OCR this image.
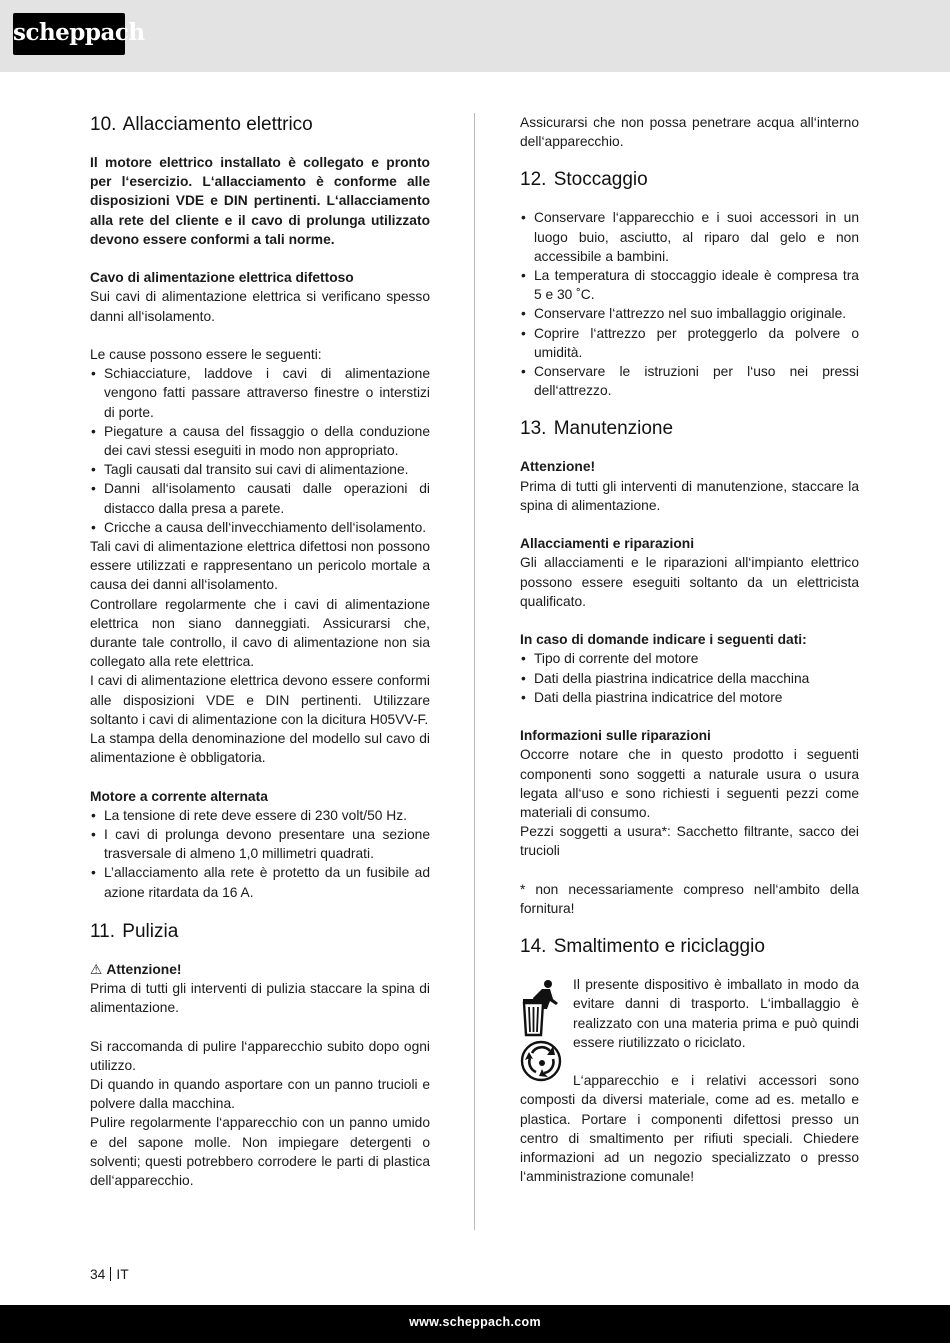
scheppach
10. Allacciamento elettrico

Il motore elettrico installato è collegato e pronto per l‘esercizio. L‘allacciamento è conforme alle disposizioni VDE e DIN pertinenti. L‘allacciamento alla rete del cliente e il cavo di prolunga utilizzato devono essere conformi a tali norme.

Cavo di alimentazione elettrica difettoso

Sui cavi di alimentazione elettrica si verificano spesso danni all‘isolamento.

Le cause possono essere le seguenti:

• Schiacciature, laddove i cavi di alimentazione vengono fatti passare attraverso finestre o interstizi di porte.
• Piegature a causa del fissaggio o della conduzione dei cavi stessi eseguiti in modo non appropriato.
• Tagli causati dal transito sui cavi di alimentazione.
• Danni all‘isolamento causati dalle operazioni di distacco dalla presa a parete.
• Cricche a causa dell‘invecchiamento dell‘isolamento.

Tali cavi di alimentazione elettrica difettosi non possono essere utilizzati e rappresentano un pericolo mortale a causa dei danni all‘isolamento.

Controllare regolarmente che i cavi di alimentazione elettrica non siano danneggiati. Assicurarsi che, durante tale controllo, il cavo di alimentazione non sia collegato alla rete elettrica.

I cavi di alimentazione elettrica devono essere conformi alle disposizioni VDE e DIN pertinenti. Utilizzare soltanto i cavi di alimentazione con la dicitura H05VV-F.

La stampa della denominazione del modello sul cavo di alimentazione è obbligatoria.

Motore a corrente alternata

• La tensione di rete deve essere di 230 volt/50 Hz.
• I cavi di prolunga devono presentare una sezione trasversale di almeno 1,0 millimetri quadrati.
• L’allacciamento alla rete è protetto da un fusibile ad azione ritardata da 16 A.
11. Pulizia

⚠ Attenzione!

Prima di tutti gli interventi di pulizia staccare la spina di alimentazione.

Si raccomanda di pulire l‘apparecchio subito dopo ogni utilizzo.

Di quando in quando asportare con un panno trucioli e polvere dalla macchina.

Pulire regolarmente l‘apparecchio con un panno umido e del sapone molle. Non impiegare detergenti o solventi; questi potrebbero corrodere le parti di plastica dell‘apparecchio.

Assicurarsi che non possa penetrare acqua all‘interno dell‘apparecchio.

12. Stoccaggio
• Conservare l‘apparecchio e i suoi accessori in un luogo buio, asciutto, al riparo dal gelo e non accessibile a bambini.
• La temperatura di stoccaggio ideale è compresa tra 5 e 30 ˚C.
• Conservare l‘attrezzo nel suo imballaggio originale.
• Coprire l‘attrezzo per proteggerlo da polvere o umidità.
• Conservare le istruzioni per l‘uso nei pressi dell‘attrezzo.
13. Manutenzione

Attenzione!

Prima di tutti gli interventi di manutenzione, staccare la spina di alimentazione.

Allacciamenti e riparazioni

Gli allacciamenti e le riparazioni all‘impianto elettrico possono essere eseguiti soltanto da un elettricista qualificato.

In caso di domande indicare i seguenti dati:

• Tipo di corrente del motore
• Dati della piastrina indicatrice della macchina
• Dati della piastrina indicatrice del motore

Informazioni sulle riparazioni

Occorre notare che in questo prodotto i seguenti componenti sono soggetti a naturale usura o usura legata all‘uso e sono richiesti i seguenti pezzi come materiali di consumo.

Pezzi soggetti a usura*: Sacchetto filtrante, sacco dei trucioli

* non necessariamente compreso nell‘ambito della fornitura!

14. Smaltimento e riciclaggio

Il presente dispositivo è imballato in modo da evitare danni di trasporto. L‘imballaggio è realizzato con una materia prima e può quindi essere riutilizzato o riciclato.

L‘apparecchio e i relativi accessori sono composti da diversi materiale, come ad es. metallo e plastica. Portare i componenti difettosi presso un centro di smaltimento per rifiuti speciali. Chiedere informazioni ad un negozio specializzato o presso l‘amministrazione comunale!

34 IT
www.scheppach.com
